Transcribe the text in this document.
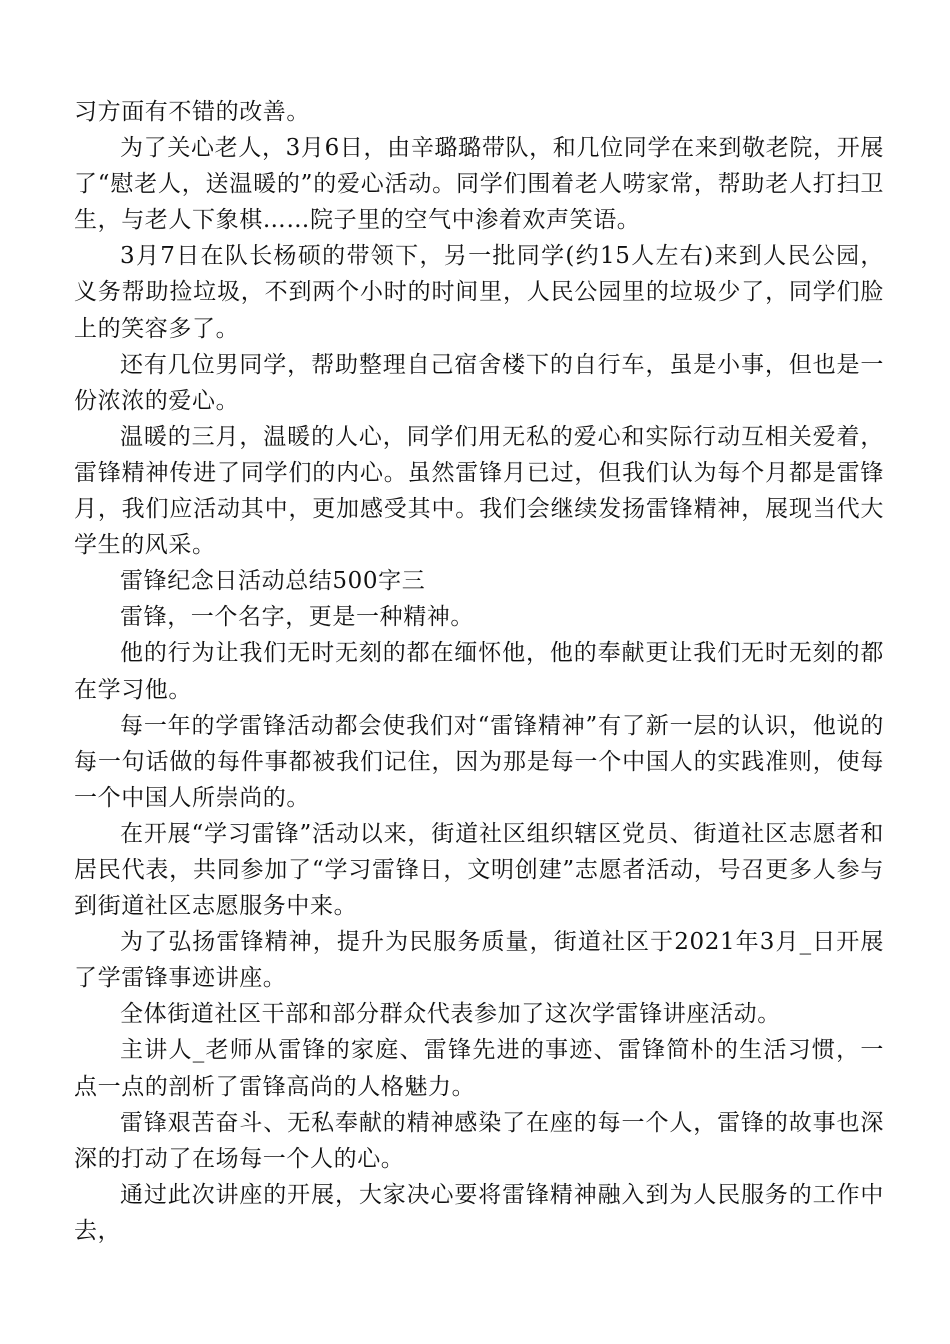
习方面有不错的改善。

为了关心老人，3月6日，由辛璐璐带队，和几位同学在来到敬老院，开展了“慰老人，送温暖的”的爱心活动。同学们围着老人唠家常，帮助老人打扫卫生，与老人下象棋……院子里的空气中渗着欢声笑语。

3月7日在队长杨硕的带领下，另一批同学(约15人左右)来到人民公园，义务帮助捡垃圾，不到两个小时的时间里，人民公园里的垃圾少了，同学们脸上的笑容多了。

还有几位男同学，帮助整理自己宿舍楼下的自行车，虽是小事，但也是一份浓浓的爱心。

温暖的三月，温暖的人心，同学们用无私的爱心和实际行动互相关爱着，雷锋精神传进了同学们的内心。虽然雷锋月已过，但我们认为每个月都是雷锋月，我们应活动其中，更加感受其中。我们会继续发扬雷锋精神，展现当代大学生的风采。

雷锋纪念日活动总结500字三

雷锋，一个名字，更是一种精神。

他的行为让我们无时无刻的都在缅怀他，他的奉献更让我们无时无刻的都在学习他。

每一年的学雷锋活动都会使我们对“雷锋精神”有了新一层的认识，他说的每一句话做的每件事都被我们记住，因为那是每一个中国人的实践准则，使每一个中国人所崇尚的。

在开展“学习雷锋”活动以来，街道社区组织辖区党员、街道社区志愿者和居民代表，共同参加了“学习雷锋日，文明创建”志愿者活动，号召更多人参与到街道社区志愿服务中来。

为了弘扬雷锋精神，提升为民服务质量，街道社区于2021年3月_日开展了学雷锋事迹讲座。

全体街道社区干部和部分群众代表参加了这次学雷锋讲座活动。

主讲人_老师从雷锋的家庭、雷锋先进的事迹、雷锋简朴的生活习惯，一点一点的剖析了雷锋高尚的人格魅力。

雷锋艰苦奋斗、无私奉献的精神感染了在座的每一个人，雷锋的故事也深深的打动了在场每一个人的心。

通过此次讲座的开展，大家决心要将雷锋精神融入到为人民服务的工作中去，
